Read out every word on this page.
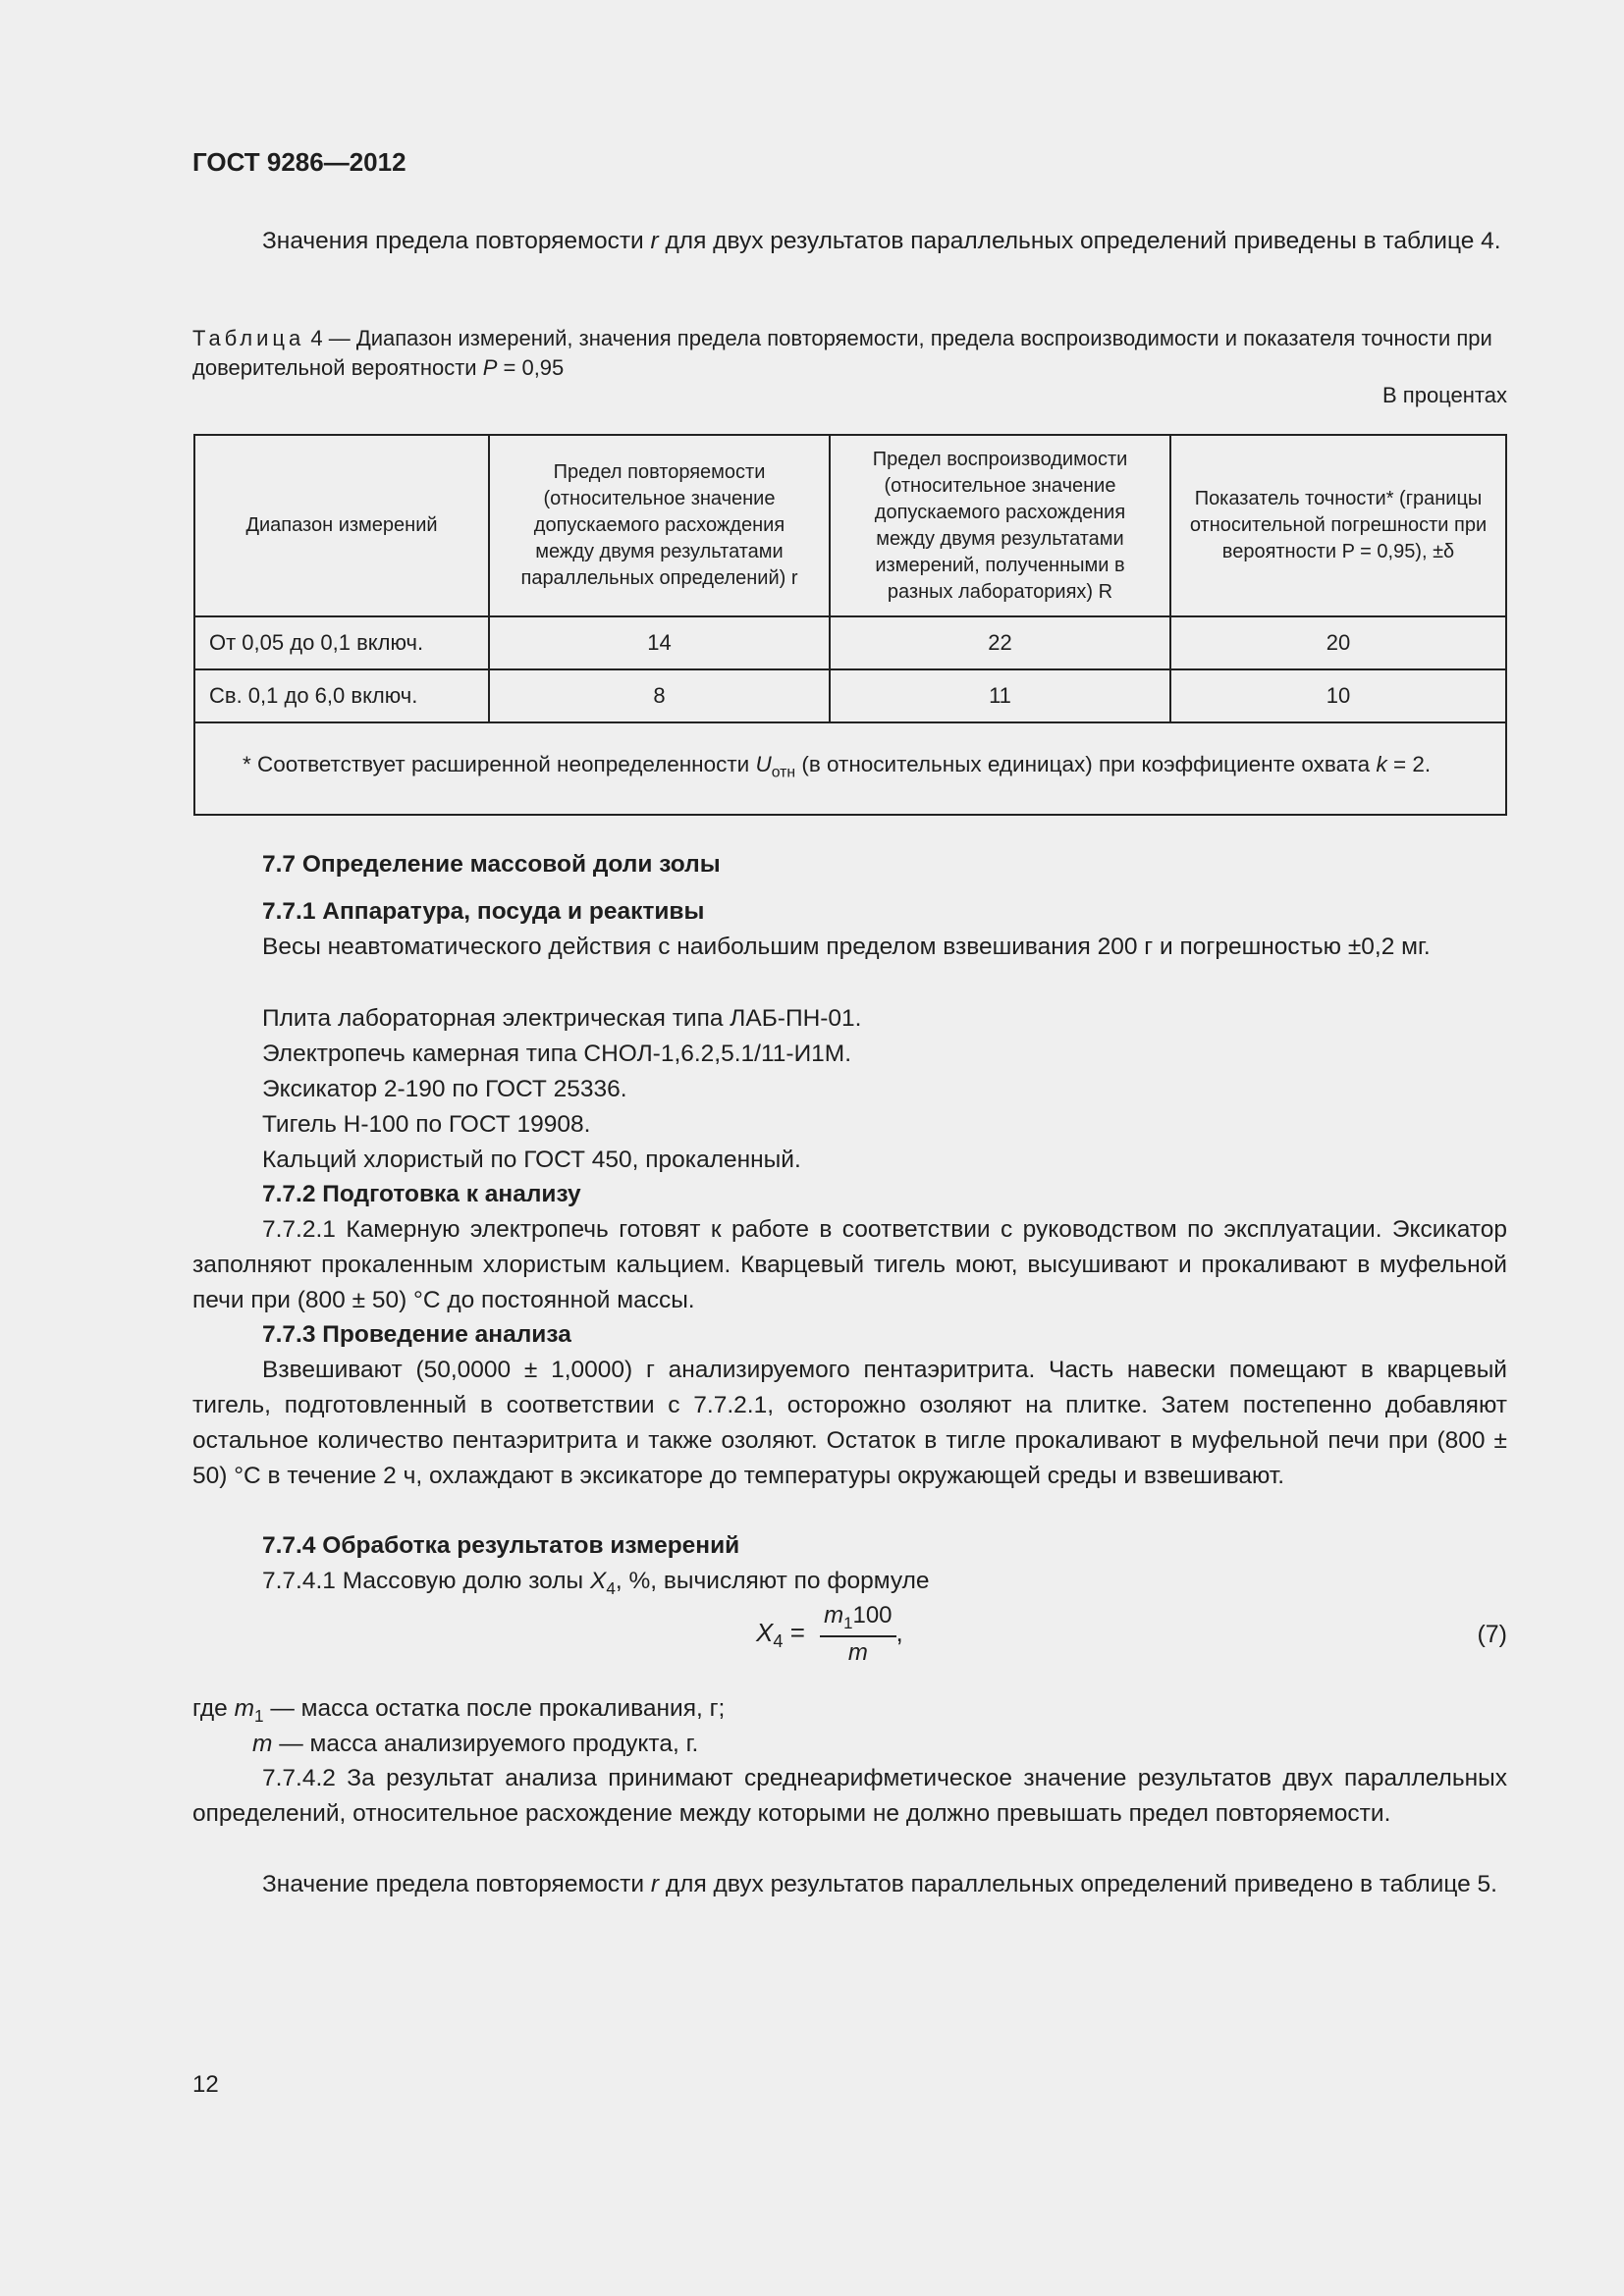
ГОСТ 9286—2012
Значения предела повторяемости r для двух результатов параллельных определений приведены в таблице 4.
Таблица 4 — Диапазон измерений, значения предела повторяемости, предела воспроизводимости и показателя точности при доверительной вероятности P = 0,95
В процентах
Диапазон измерений	Предел повторяемости (относительное значение допускаемого расхождения между двумя результатами параллельных определений) r	Предел воспроизводимости (относительное значение допускаемого расхождения между двумя результатами измерений, полученными в разных лабораториях) R	Показатель точности* (границы относительной погрешности при вероятности P = 0,95), ±δ
От 0,05 до 0,1 включ.	14	22	20
Св. 0,1 до 6,0 включ.	8	11	10
* Соответствует расширенной неопределенности $U_{отн}$ (в относительных единицах) при коэффициенте охвата k = 2.			
7.7 Определение массовой доли золы
7.7.1 Аппаратура, посуда и реактивы
Весы неавтоматического действия с наибольшим пределом взвешивания 200 г и погрешностью ±0,2 мг.
Плита лабораторная электрическая типа ЛАБ-ПН-01.
Электропечь камерная типа СНОЛ-1,6.2,5.1/11-И1М.
Эксикатор 2-190 по ГОСТ 25336.
Тигель Н-100 по ГОСТ 19908.
Кальций хлористый по ГОСТ 450, прокаленный.
7.7.2 Подготовка к анализу
7.7.2.1 Камерную электропечь готовят к работе в соответствии с руководством по эксплуатации. Эксикатор заполняют прокаленным хлористым кальцием. Кварцевый тигель моют, высушивают и прокаливают в муфельной печи при (800 ± 50) °С до постоянной массы.
7.7.3 Проведение анализа
Взвешивают (50,0000 ± 1,0000) г анализируемого пентаэритрита. Часть навески помещают в кварцевый тигель, подготовленный в соответствии с 7.7.2.1, осторожно озоляют на плитке. Затем постепенно добавляют остальное количество пентаэритрита и также озоляют. Остаток в тигле прокаливают в муфельной печи при (800 ± 50) °С в течение 2 ч, охлаждают в эксикаторе до температуры окружающей среды и взвешивают.
7.7.4 Обработка результатов измерений
7.7.4.1 Массовую долю золы $X_4$, %, вычисляют по формуле
$X_4 = \frac{m_1100}{m}$ ,	(7)
где $m_1$ — масса остатка после прокаливания, г;
m — масса анализируемого продукта, г.
7.7.4.2 За результат анализа принимают среднеарифметическое значение результатов двух параллельных определений, относительное расхождение между которыми не должно превышать предел повторяемости.
Значение предела повторяемости r для двух результатов параллельных определений приведено в таблице 5.
12
